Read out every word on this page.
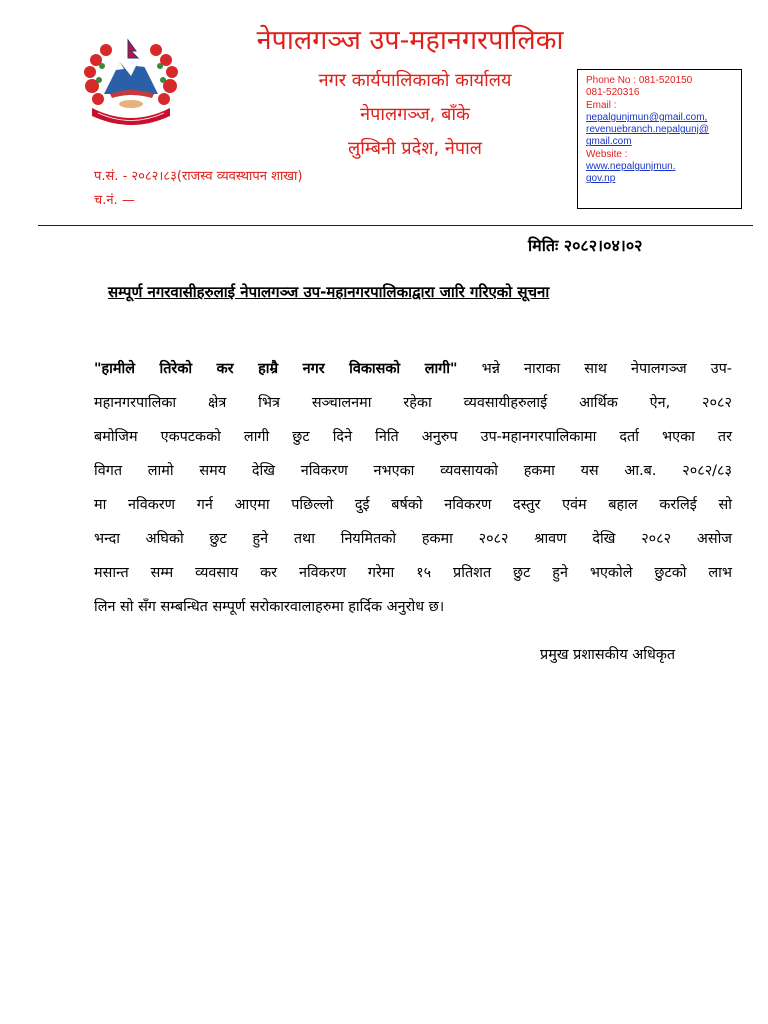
नेपालगञ्ज उप-महानगरपालिका
नगर कार्यपालिकाको कार्यालय
नेपालगञ्ज, बाँके
लुम्बिनी प्रदेश, नेपाल
प.सं. - २०८२।८३(राजस्व व्यवस्थापन शाखा)
च.नं. —
Phone No : 081-520150
081-520316
Email :
nepalgunjmun@gmail.com,
revenuebranch.nepalgunj@
gmail.com
Website :
www.nepalgunjmun.
gov.np
मितिः २०८२।०४।०२
सम्पूर्ण नगरवासीहरुलाई नेपालगञ्ज उप-महानगरपालिकाद्वारा जारि गरिएको सूचना
"हामीले तिरेको कर हाम्रै नगर विकासको लागी" भन्ने नाराका साथ नेपालगञ्ज उप-
महानगरपालिका क्षेत्र भित्र सञ्चालनमा रहेका व्यवसायीहरुलाई आर्थिक ऐन, २०८२
बमोजिम एकपटकको लागी छुट दिने निति अनुरुप उप-महानगरपालिकामा दर्ता भएका तर
विगत लामो समय देखि नविकरण नभएका व्यवसायको हकमा यस आ.ब. २०८२/८३
मा नविकरण गर्न आएमा पछिल्लो दुई बर्षको नविकरण दस्तुर एवंम बहाल करलिई सो
भन्दा अघिको छुट हुने तथा नियमितको हकमा २०८२ श्रावण देखि २०८२ असोज
मसान्त सम्म व्यवसाय कर नविकरण गरेमा १५ प्रतिशत छुट हुने भएकोले छुटको लाभ
लिन सो सँग सम्बन्धित सम्पूर्ण सरोकारवालाहरुमा हार्दिक अनुरोध छ।
प्रमुख प्रशासकीय अधिकृत
